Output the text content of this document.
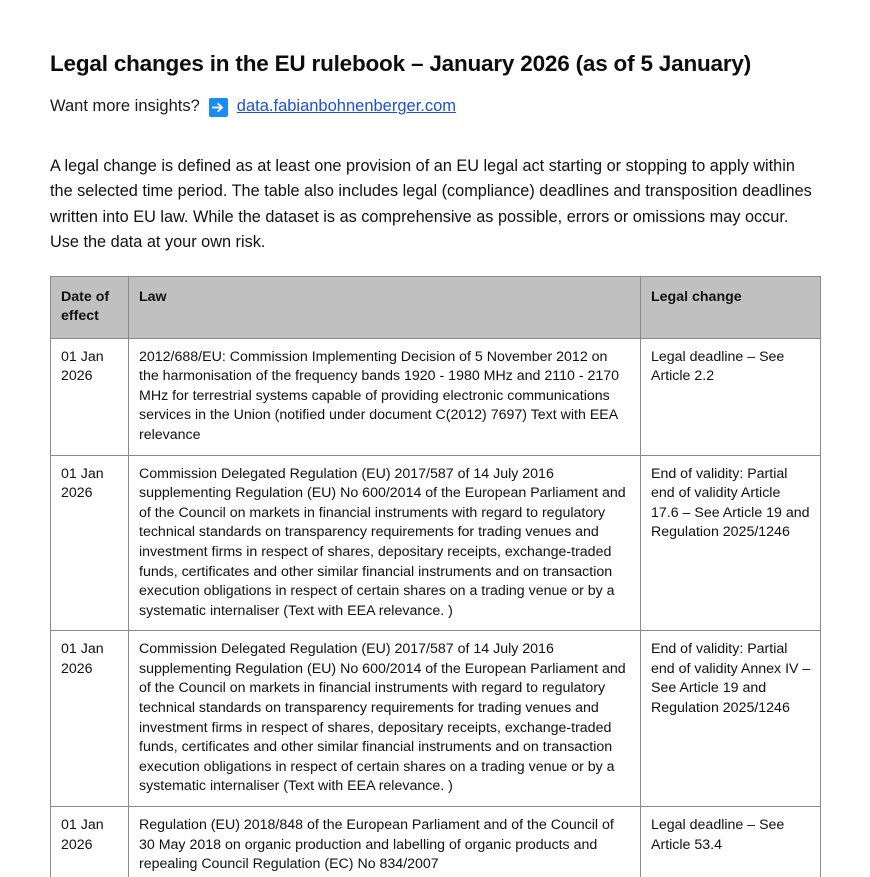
Legal changes in the EU rulebook – January 2026 (as of 5 January)
Want more insights? data.fabianbohnenberger.com

A legal change is defined as at least one provision of an EU legal act starting or stopping to apply within the selected time period. The table also includes legal (compliance) deadlines and transposition deadlines written into EU law. While the dataset is as comprehensive as possible, errors or omissions may occur. Use the data at your own risk.

Date of effect	Law	Legal change
01 Jan 2026	2012/688/EU: Commission Implementing Decision of 5 November 2012 on the harmonisation of the frequency bands 1920 - 1980 MHz and 2110 - 2170 MHz for terrestrial systems capable of providing electronic communications services in the Union (notified under document C(2012) 7697) Text with EEA relevance	Legal deadline – See Article 2.2
01 Jan 2026	Commission Delegated Regulation (EU) 2017/587 of 14 July 2016 supplementing Regulation (EU) No 600/2014 of the European Parliament and of the Council on markets in financial instruments with regard to regulatory technical standards on transparency requirements for trading venues and investment firms in respect of shares, depositary receipts, exchange-traded funds, certificates and other similar financial instruments and on transaction execution obligations in respect of certain shares on a trading venue or by a systematic internaliser (Text with EEA relevance. )	End of validity: Partial end of validity Article 17.6 – See Article 19 and Regulation 2025/1246
01 Jan 2026	Commission Delegated Regulation (EU) 2017/587 of 14 July 2016 supplementing Regulation (EU) No 600/2014 of the European Parliament and of the Council on markets in financial instruments with regard to regulatory technical standards on transparency requirements for trading venues and investment firms in respect of shares, depositary receipts, exchange-traded funds, certificates and other similar financial instruments and on transaction execution obligations in respect of certain shares on a trading venue or by a systematic internaliser (Text with EEA relevance. )	End of validity: Partial end of validity Annex IV – See Article 19 and Regulation 2025/1246
01 Jan 2026	Regulation (EU) 2018/848 of the European Parliament and of the Council of 30 May 2018 on organic production and labelling of organic products and repealing Council Regulation (EC) No 834/2007	Legal deadline – See Article 53.4
